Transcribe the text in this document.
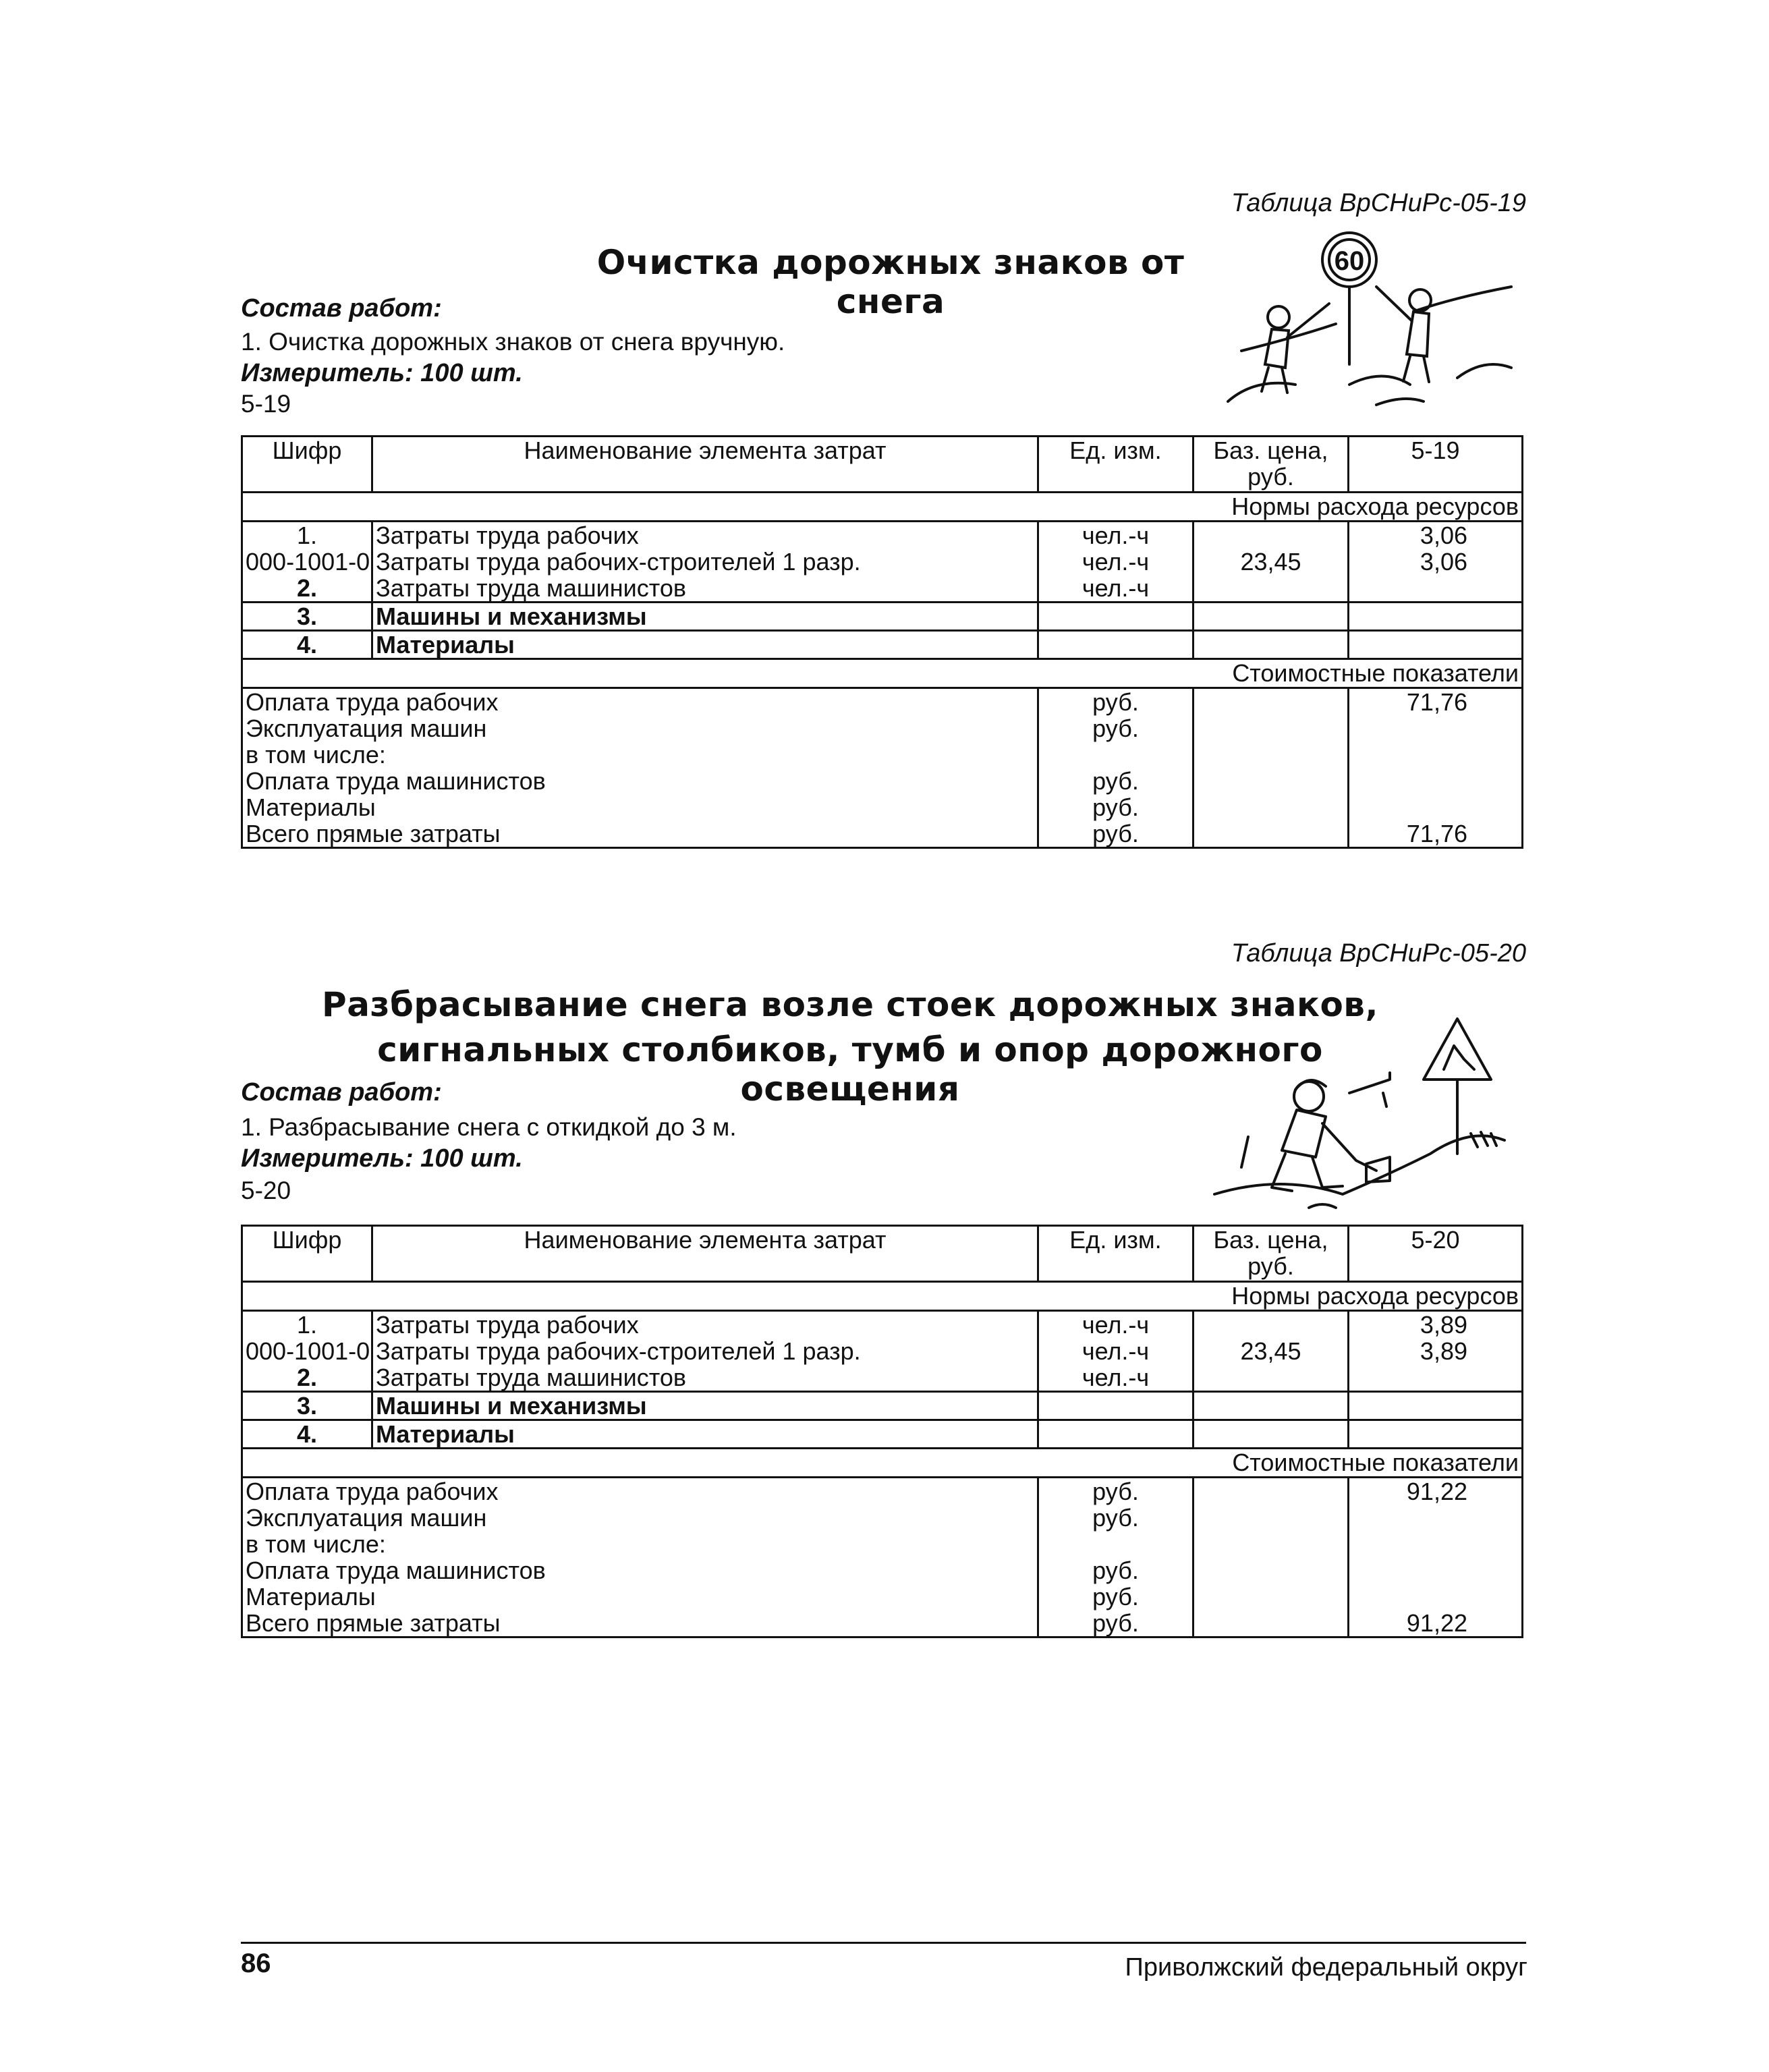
Таблица ВрСНиРс-05-19
Очистка дорожных знаков от снега
Состав работ:
1. Очистка дорожных знаков от снега вручную.
Измеритель: 100 шт.
5-19
60
Шифр	Наименование элемента затрат	Ед. изм.	Баз. цена, руб.	5-19
Нормы расхода ресурсов				
1.	Затраты труда рабочих	чел.-ч		3,06
000-1001-0	Затраты труда рабочих-строителей 1 разр.	чел.-ч	23,45	3,06
2.	Затраты труда машинистов	чел.-ч		
3.	Машины и механизмы			
4.	Материалы			
Стоимостные показатели				
Оплата труда рабочих		руб.		71,76
Эксплуатация машин		руб.		
в том числе:				
Оплата труда машинистов		руб.		
Материалы		руб.		
Всего прямые затраты		руб.		71,76
Таблица ВрСНиРс-05-20
Разбрасывание снега возле стоек дорожных знаков,
сигнальных столбиков, тумб и опор дорожного освещения
Состав работ:
1. Разбрасывание снега с откидкой до 3 м.
Измеритель: 100 шт.
5-20
Шифр	Наименование элемента затрат	Ед. изм.	Баз. цена, руб.	5-20
Нормы расхода ресурсов				
1.	Затраты труда рабочих	чел.-ч		3,89
000-1001-0	Затраты труда рабочих-строителей 1 разр.	чел.-ч	23,45	3,89
2.	Затраты труда машинистов	чел.-ч		
3.	Машины и механизмы			
4.	Материалы			
Стоимостные показатели				
Оплата труда рабочих		руб.		91,22
Эксплуатация машин		руб.		
в том числе:				
Оплата труда машинистов		руб.		
Материалы		руб.		
Всего прямые затраты		руб.		91,22
86	Приволжский федеральный округ
